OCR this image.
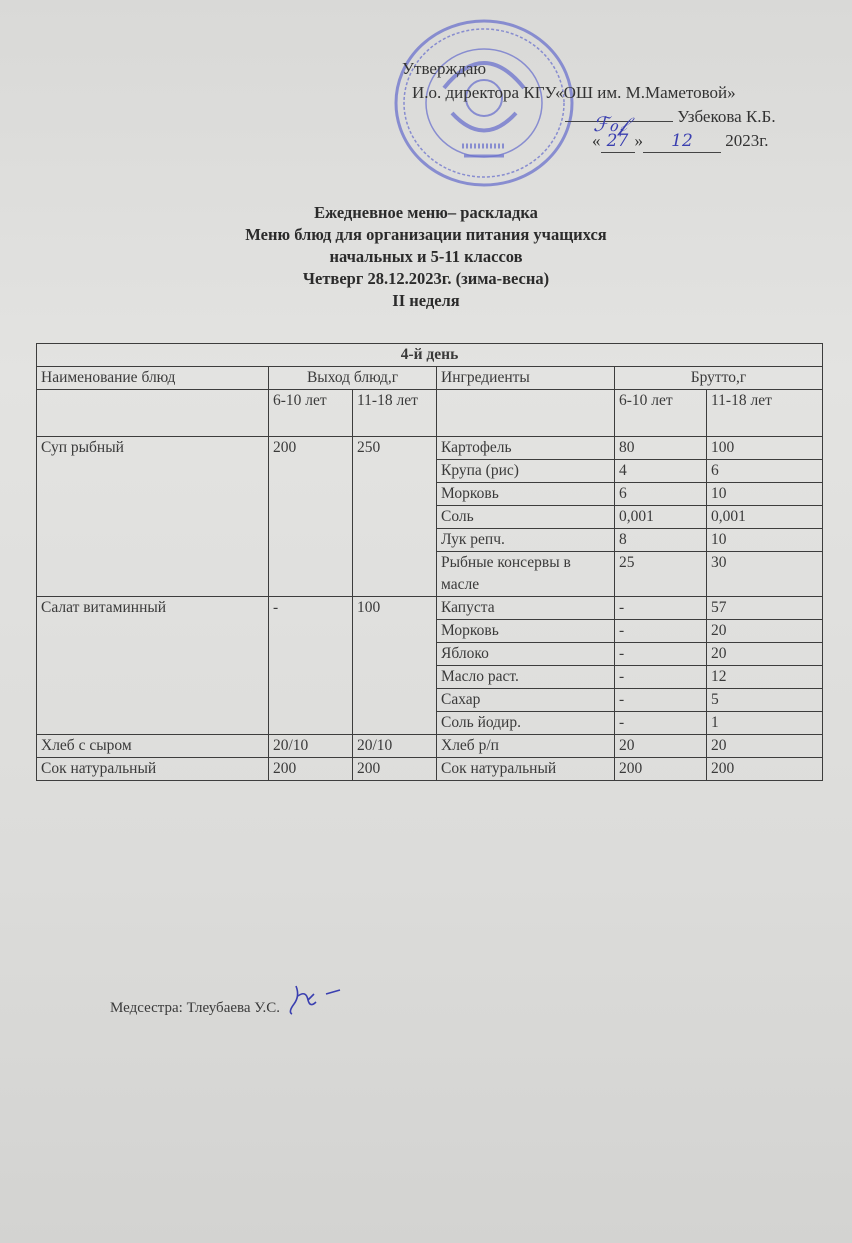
Утверждаю
И.о. директора КГУ«ОШ им. М.Маметовой»
ℱℴ𝒻	Узбекова К.Б.
« 27 » 12 2023г.
Ежедневное меню– раскладка
Меню блюд для организации питания учащихся
начальных и 5-11 классов
Четверг 28.12.2023г. (зима-весна)
II неделя
4-й день					
Наименование блюд	Выход блюд,г		Ингредиенты	Брутто,г	
	6-10 лет	11-18 лет		6-10 лет	11-18 лет
Суп рыбный	200	250	Картофель	80	100
			Крупа (рис)	4	6
			Морковь	6	10
			Соль	0,001	0,001
			Лук репч.	8	10
			Рыбные консервы в масле	25	30
Салат витаминный	-	100	Капуста	-	57
			Морковь	-	20
			Яблоко	-	20
			Масло раст.	-	12
			Сахар	-	5
			Соль йодир.	-	1
Хлеб с сыром	20/10	20/10	Хлеб р/п	20	20
Сок натуральный	200	200	Сок натуральный	200	200
Медсестра: Тлеубаева У.С.
